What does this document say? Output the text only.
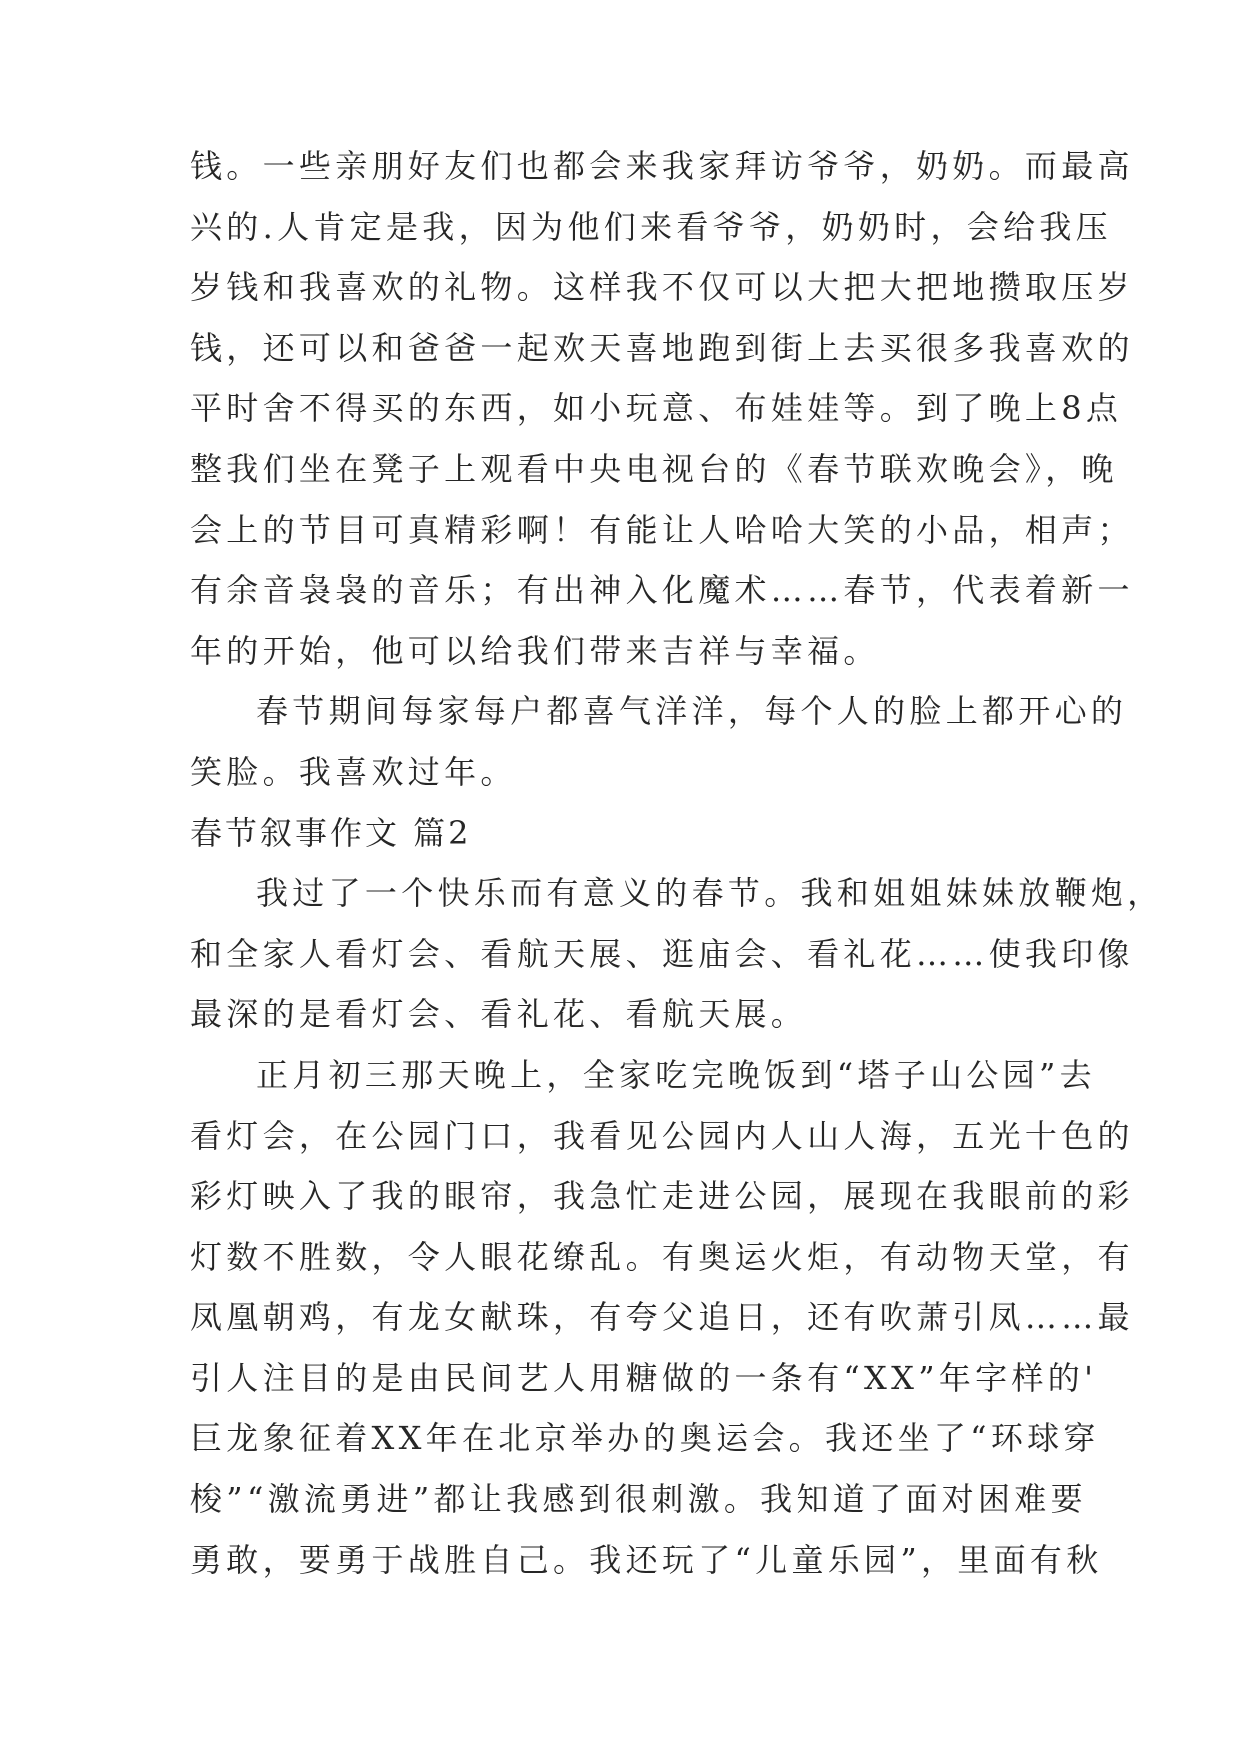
钱。一些亲朋好友们也都会来我家拜访爷爷，奶奶。而最高
兴的.人肯定是我，因为他们来看爷爷，奶奶时，会给我压
岁钱和我喜欢的礼物。这样我不仅可以大把大把地攒取压岁
钱，还可以和爸爸一起欢天喜地跑到街上去买很多我喜欢的
平时舍不得买的东西，如小玩意、布娃娃等。到了晚上8点
整我们坐在凳子上观看中央电视台的《春节联欢晚会》，晚
会上的节目可真精彩啊！有能让人哈哈大笑的小品，相声；
有余音袅袅的音乐；有出神入化魔术……春节，代表着新一
年的开始，他可以给我们带来吉祥与幸福。
春节期间每家每户都喜气洋洋，每个人的脸上都开心的
笑脸。我喜欢过年。
春节叙事作文 篇2
我过了一个快乐而有意义的春节。我和姐姐妹妹放鞭炮，
和全家人看灯会、看航天展、逛庙会、看礼花……使我印像
最深的是看灯会、看礼花、看航天展。
正月初三那天晚上，全家吃完晚饭到“塔子山公园”去
看灯会，在公园门口，我看见公园内人山人海，五光十色的
彩灯映入了我的眼帘，我急忙走进公园，展现在我眼前的彩
灯数不胜数，令人眼花缭乱。有奥运火炬，有动物天堂，有
凤凰朝鸡，有龙女献珠，有夸父追日，还有吹萧引凤……最
引人注目的是由民间艺人用糖做的一条有“XX”年字样的'
巨龙象征着XX年在北京举办的奥运会。我还坐了“环球穿
梭”“激流勇进”都让我感到很刺激。我知道了面对困难要
勇敢，要勇于战胜自己。我还玩了“儿童乐园”，里面有秋
